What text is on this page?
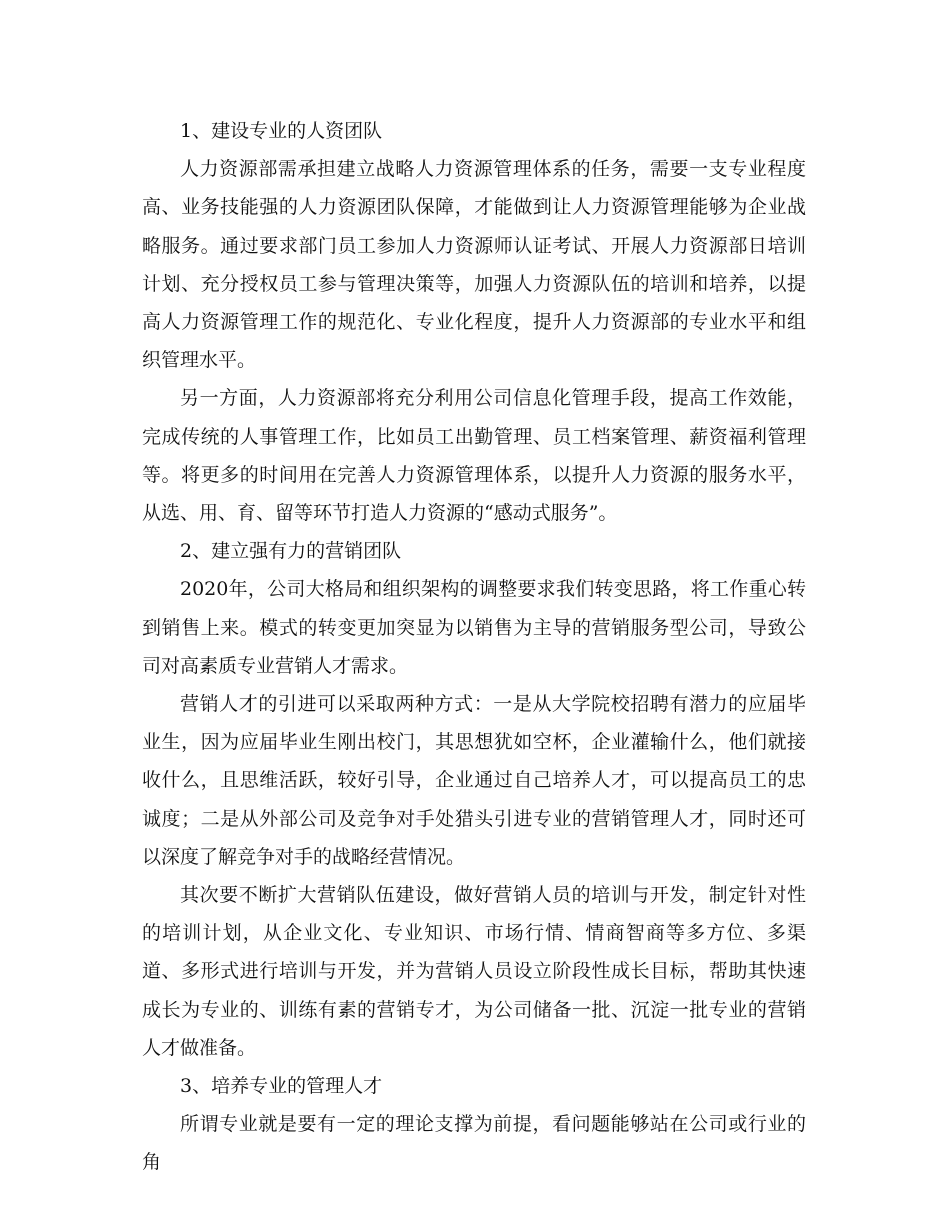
1、建设专业的人资团队

人力资源部需承担建立战略人力资源管理体系的任务，需要一支专业程度高、业务技能强的人力资源团队保障，才能做到让人力资源管理能够为企业战略服务。通过要求部门员工参加人力资源师认证考试、开展人力资源部日培训计划、充分授权员工参与管理决策等，加强人力资源队伍的培训和培养，以提高人力资源管理工作的规范化、专业化程度，提升人力资源部的专业水平和组织管理水平。

另一方面，人力资源部将充分利用公司信息化管理手段，提高工作效能，完成传统的人事管理工作，比如员工出勤管理、员工档案管理、薪资福利管理等。将更多的时间用在完善人力资源管理体系，以提升人力资源的服务水平，从选、用、育、留等环节打造人力资源的“感动式服务”。

2、建立强有力的营销团队

2020年，公司大格局和组织架构的调整要求我们转变思路，将工作重心转到销售上来。模式的转变更加突显为以销售为主导的营销服务型公司，导致公司对高素质专业营销人才需求。

营销人才的引进可以采取两种方式：一是从大学院校招聘有潜力的应届毕业生，因为应届毕业生刚出校门，其思想犹如空杯，企业灌输什么，他们就接收什么，且思维活跃，较好引导，企业通过自己培养人才，可以提高员工的忠诚度；二是从外部公司及竞争对手处猎头引进专业的营销管理人才，同时还可以深度了解竞争对手的战略经营情况。

其次要不断扩大营销队伍建设，做好营销人员的培训与开发，制定针对性的培训计划，从企业文化、专业知识、市场行情、情商智商等多方位、多渠道、多形式进行培训与开发，并为营销人员设立阶段性成长目标，帮助其快速成长为专业的、训练有素的营销专才，为公司储备一批、沉淀一批专业的营销人才做准备。

3、培养专业的管理人才

所谓专业就是要有一定的理论支撑为前提，看问题能够站在公司或行业的角
